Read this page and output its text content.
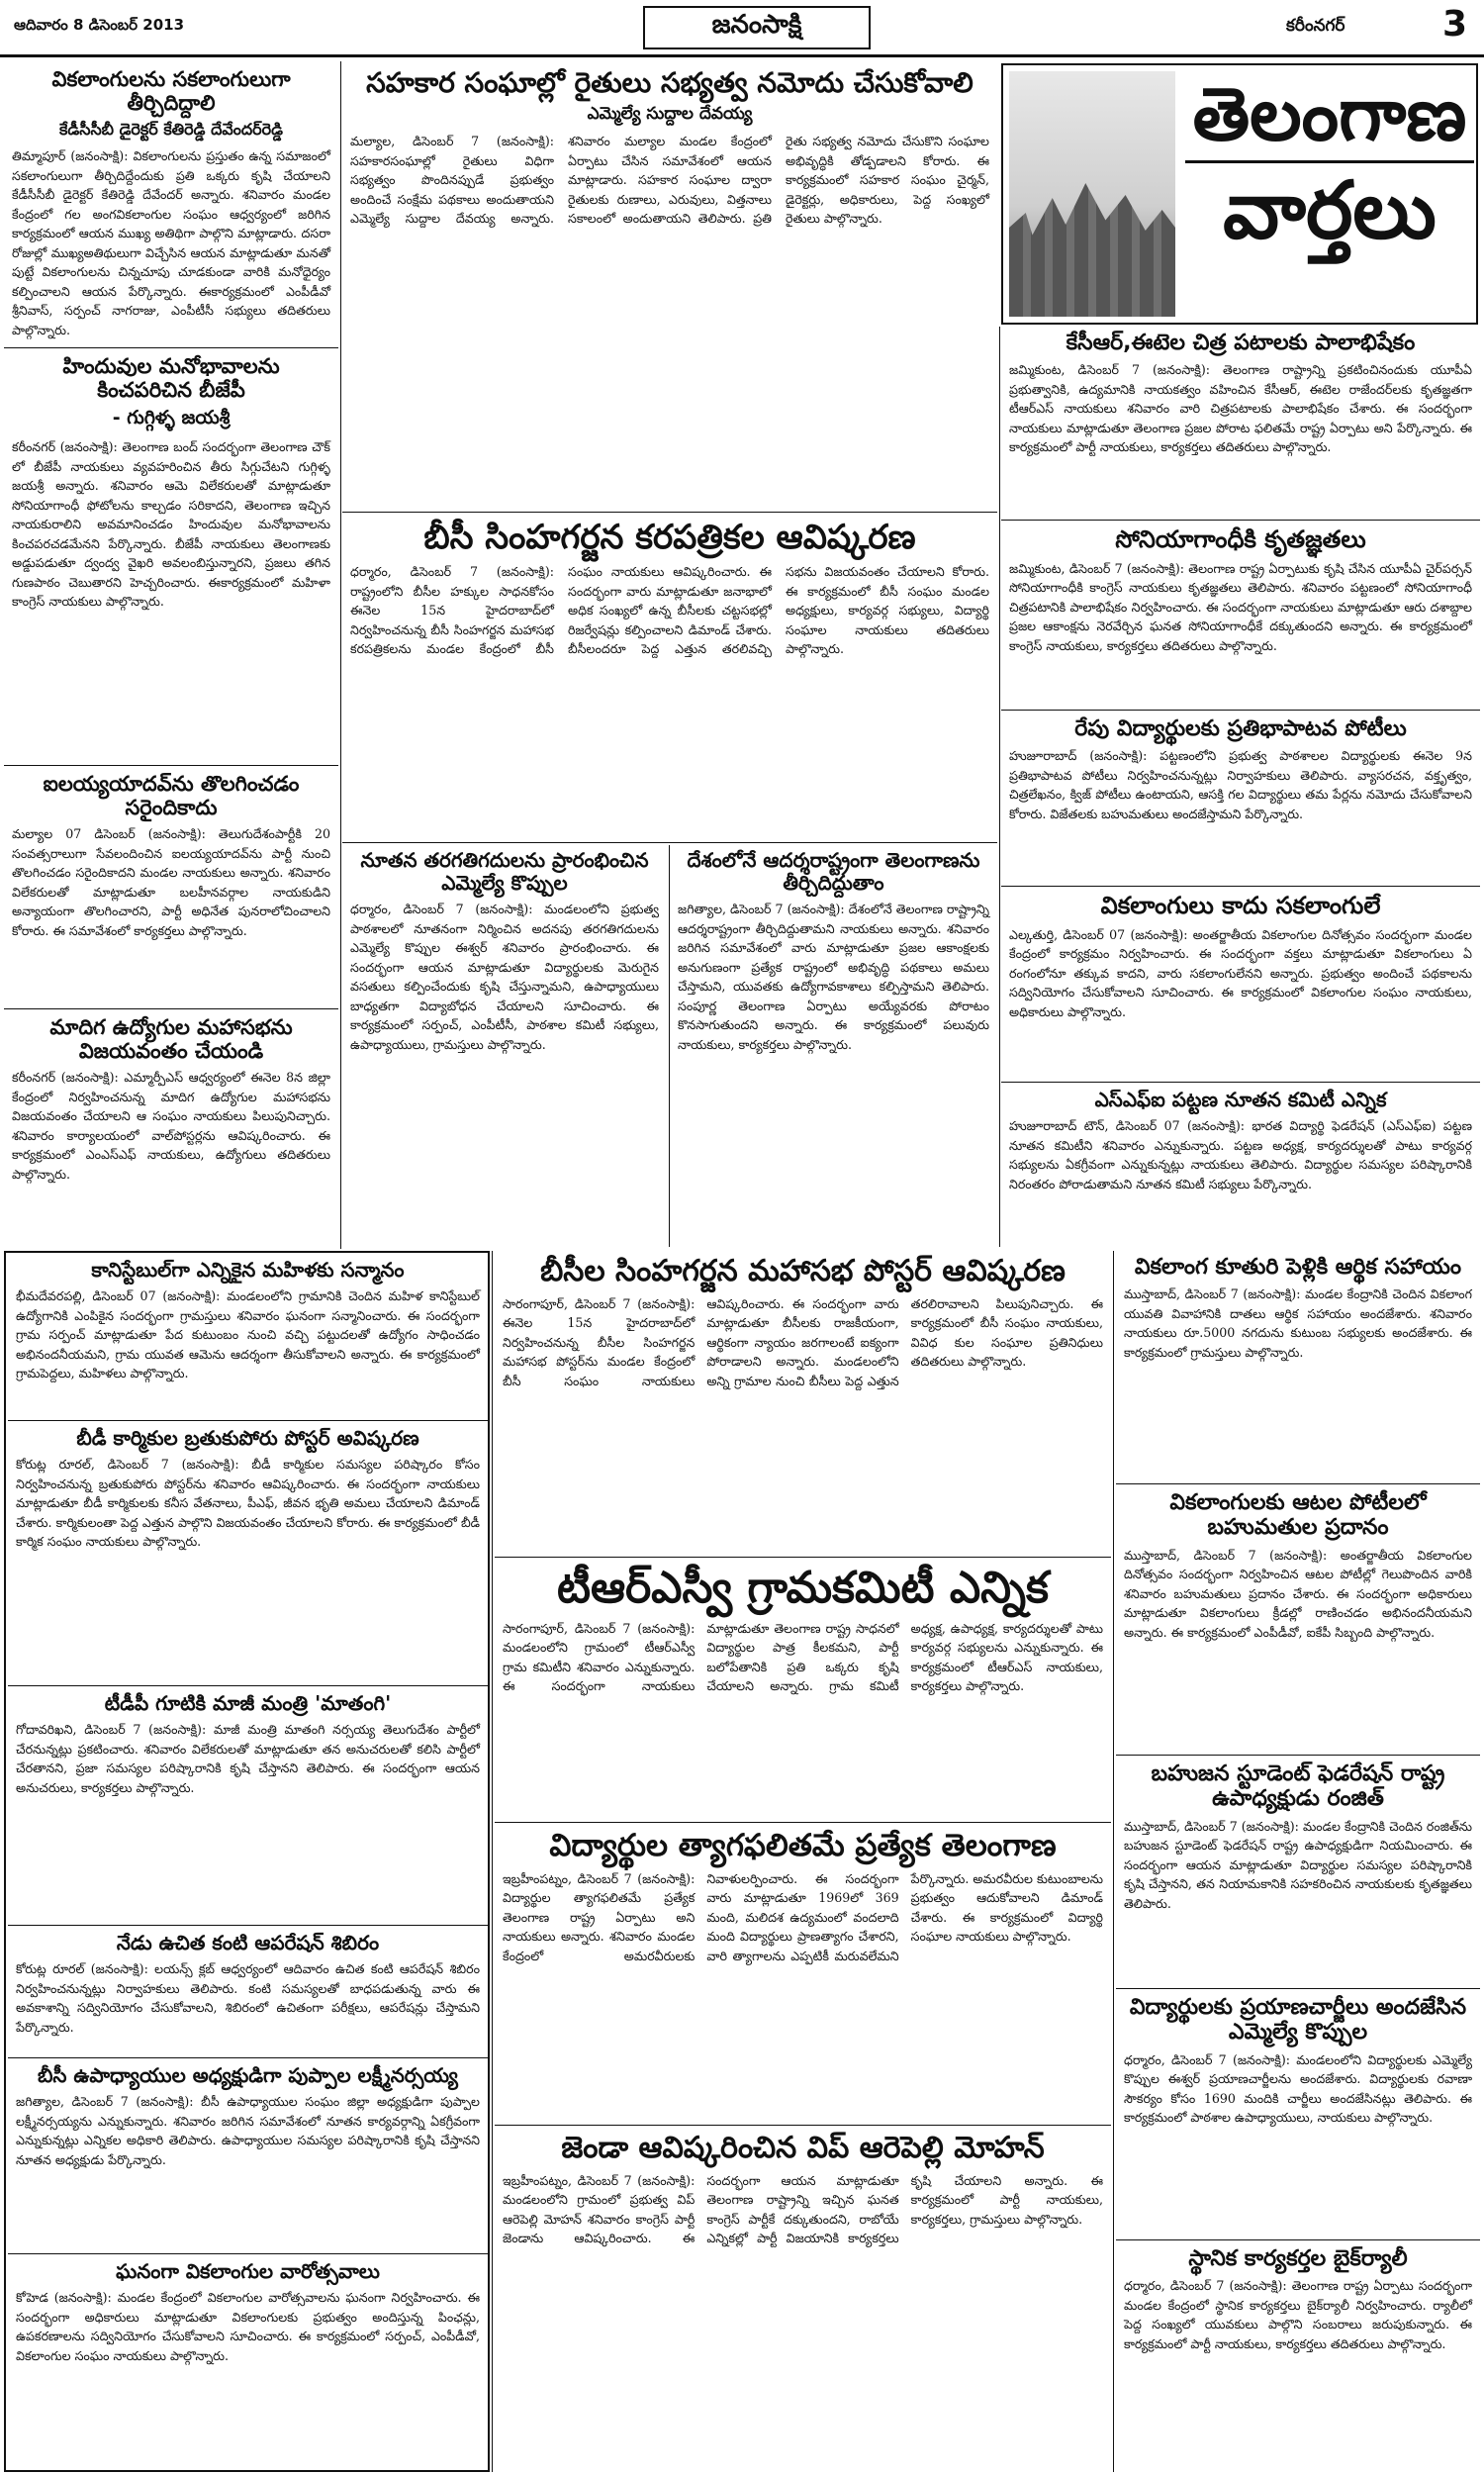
ఆదివారం 8 డిసెంబర్ 2013	జనంసాక్షి	కరీంనగర్	3
వికలాంగులను సకలాంగులుగా తీర్చిదిద్దాలి
కేడీసీసీబీ డైరెక్టర్ కేతిరెడ్డి దేవేందర్‌రెడ్డి

తిమ్మాపూర్ (జనంసాక్షి): వికలాంగులను ప్రస్తుతం ఉన్న సమాజంలో సకలాంగులుగా తీర్చిదిద్దేందుకు ప్రతి ఒక్కరు కృషి చేయాలని కేడీసీసీబీ డైరెక్టర్ కేతిరెడ్డి దేవేందర్ అన్నారు. శనివారం మండల కేంద్రంలో గల అంగవికలాంగుల సంఘం ఆధ్వర్యంలో జరిగిన కార్యక్రమంలో ఆయన ముఖ్య అతిథిగా పాల్గొని మాట్లాడారు. దసరా రోజుల్లో ముఖ్యఅతిథులుగా విచ్చేసిన ఆయన మాట్లాడుతూ మనతో పుట్టే వికలాంగులను చిన్నచూపు చూడకుండా వారికి మనోధైర్యం కల్పించాలని ఆయన పేర్కొన్నారు. ఈకార్యక్రమంలో ఎంపీడీవో శ్రీనివాస్, సర్పంచ్ నాగరాజు, ఎంపీటీసీ సభ్యులు తదితరులు పాల్గొన్నారు.

హిందువుల మనోభావాలను కించపరిచిన బీజేపీ
- గుగ్గిళ్ళ జయశ్రీ

కరీంనగర్ (జనంసాక్షి): తెలంగాణ బంద్ సందర్భంగా తెలంగాణ చౌక్ లో బీజేపీ నాయకులు వ్యవహరించిన తీరు సిగ్గుచేటని గుగ్గిళ్ళ జయశ్రీ అన్నారు. శనివారం ఆమె విలేకరులతో మాట్లాడుతూ సోనియాగాంధీ ఫోటోలను కాల్చడం సరికాదని, తెలంగాణ ఇచ్చిన నాయకురాలిని అవమానించడం హిందువుల మనోభావాలను కించపరచడమేనని పేర్కొన్నారు. బీజేపీ నాయకులు తెలంగాణకు అడ్డుపడుతూ ద్వంద్వ వైఖరి అవలంబిస్తున్నారని, ప్రజలు తగిన గుణపాఠం చెబుతారని హెచ్చరించారు. ఈకార్యక్రమంలో మహిళా కాంగ్రెస్ నాయకులు పాల్గొన్నారు.

ఐలయ్యయాదవ్‌ను తొలగించడం సరైందికాదు

మల్యాల 07 డిసెంబర్ (జనంసాక్షి): తెలుగుదేశంపార్టీకి 20 సంవత్సరాలుగా సేవలందించిన ఐలయ్యయాదవ్‌ను పార్టీ నుంచి తొలగించడం సరైందికాదని మండల నాయకులు అన్నారు. శనివారం విలేకరులతో మాట్లాడుతూ బలహీనవర్గాల నాయకుడిని అన్యాయంగా తొలగించారని, పార్టీ అధినేత పునరాలోచించాలని కోరారు. ఈ సమావేశంలో కార్యకర్తలు పాల్గొన్నారు.

మాదిగ ఉద్యోగుల మహాసభను విజయవంతం చేయండి

కరీంనగర్ (జనంసాక్షి): ఎమ్మార్పీఎస్ ఆధ్వర్యంలో ఈనెల 8న జిల్లా కేంద్రంలో నిర్వహించనున్న మాదిగ ఉద్యోగుల మహాసభను విజయవంతం చేయాలని ఆ సంఘం నాయకులు పిలుపునిచ్చారు. శనివారం కార్యాలయంలో వాల్‌పోస్టర్లను ఆవిష్కరించారు. ఈ కార్యక్రమంలో ఎంఎస్‌ఎఫ్ నాయకులు, ఉద్యోగులు తదితరులు పాల్గొన్నారు.

సహకార సంఘాల్లో రైతులు సభ్యత్వ నమోదు చేసుకోవాలి
ఎమ్మెల్యే సుద్దాల దేవయ్య

మల్యాల, డిసెంబర్ 7 (జనంసాక్షి): సహకారసంఘాల్లో రైతులు విధిగా సభ్యత్వం పొందినప్పుడే ప్రభుత్వం అందించే సంక్షేమ పథకాలు అందుతాయని ఎమ్మెల్యే సుద్దాల దేవయ్య అన్నారు. శనివారం మల్యాల మండల కేంద్రంలో ఏర్పాటు చేసిన సమావేశంలో ఆయన మాట్లాడారు. సహకార సంఘాల ద్వారా రైతులకు రుణాలు, ఎరువులు, విత్తనాలు సకాలంలో అందుతాయని తెలిపారు. ప్రతి రైతు సభ్యత్వ నమోదు చేసుకొని సంఘాల అభివృద్ధికి తోడ్పడాలని కోరారు. ఈ కార్యక్రమంలో సహకార సంఘం చైర్మన్, డైరెక్టర్లు, అధికారులు, పెద్ద సంఖ్యలో రైతులు పాల్గొన్నారు.

బీసీ సింహగర్జన కరపత్రికల ఆవిష్కరణ

ధర్మారం, డిసెంబర్ 7 (జనంసాక్షి): రాష్ట్రంలోని బీసీల హక్కుల సాధనకోసం ఈనెల 15న హైదరాబాద్‌లో నిర్వహించనున్న బీసీ సింహగర్జన మహాసభ కరపత్రికలను మండల కేంద్రంలో బీసీ సంఘం నాయకులు ఆవిష్కరించారు. ఈ సందర్భంగా వారు మాట్లాడుతూ జనాభాలో అధిక సంఖ్యలో ఉన్న బీసీలకు చట్టసభల్లో రిజర్వేషన్లు కల్పించాలని డిమాండ్ చేశారు. బీసీలందరూ పెద్ద ఎత్తున తరలివచ్చి సభను విజయవంతం చేయాలని కోరారు. ఈ కార్యక్రమంలో బీసీ సంఘం మండల అధ్యక్షులు, కార్యవర్గ సభ్యులు, విద్యార్థి సంఘాల నాయకులు తదితరులు పాల్గొన్నారు.

నూతన తరగతిగదులను ప్రారంభించిన ఎమ్మెల్యే కొప్పుల

ధర్మారం, డిసెంబర్ 7 (జనంసాక్షి): మండలంలోని ప్రభుత్వ పాఠశాలలో నూతనంగా నిర్మించిన అదనపు తరగతిగదులను ఎమ్మెల్యే కొప్పుల ఈశ్వర్ శనివారం ప్రారంభించారు. ఈ సందర్భంగా ఆయన మాట్లాడుతూ విద్యార్థులకు మెరుగైన వసతులు కల్పించేందుకు కృషి చేస్తున్నామని, ఉపాధ్యాయులు బాధ్యతగా విద్యాబోధన చేయాలని సూచించారు. ఈ కార్యక్రమంలో సర్పంచ్, ఎంపీటీసీ, పాఠశాల కమిటీ సభ్యులు, ఉపాధ్యాయులు, గ్రామస్తులు పాల్గొన్నారు.

దేశంలోనే ఆదర్శరాష్ట్రంగా తెలంగాణను తీర్చిదిద్దుతాం

జగిత్యాల, డిసెంబర్ 7 (జనంసాక్షి): దేశంలోనే తెలంగాణ రాష్ట్రాన్ని ఆదర్శరాష్ట్రంగా తీర్చిదిద్దుతామని నాయకులు అన్నారు. శనివారం జరిగిన సమావేశంలో వారు మాట్లాడుతూ ప్రజల ఆకాంక్షలకు అనుగుణంగా ప్రత్యేక రాష్ట్రంలో అభివృద్ధి పథకాలు అమలు చేస్తామని, యువతకు ఉద్యోగావకాశాలు కల్పిస్తామని తెలిపారు. సంపూర్ణ తెలంగాణ ఏర్పాటు అయ్యేవరకు పోరాటం కొనసాగుతుందని అన్నారు. ఈ కార్యక్రమంలో పలువురు నాయకులు, కార్యకర్తలు పాల్గొన్నారు.

తెలంగాణ
వార్తలు
కేసీఆర్,ఈటెల చిత్ర పటాలకు పాలాభిషేకం

జమ్మికుంట, డిసెంబర్ 7 (జనంసాక్షి): తెలంగాణ రాష్ట్రాన్ని ప్రకటించినందుకు యూపీఏ ప్రభుత్వానికి, ఉద్యమానికి నాయకత్వం వహించిన కేసీఆర్, ఈటెల రాజేందర్‌లకు కృతజ్ఞతగా టీఆర్‌ఎస్ నాయకులు శనివారం వారి చిత్రపటాలకు పాలాభిషేకం చేశారు. ఈ సందర్భంగా నాయకులు మాట్లాడుతూ తెలంగాణ ప్రజల పోరాట ఫలితమే రాష్ట్ర ఏర్పాటు అని పేర్కొన్నారు. ఈ కార్యక్రమంలో పార్టీ నాయకులు, కార్యకర్తలు తదితరులు పాల్గొన్నారు.

సోనియాగాంధీకి కృతజ్ఞతలు

జమ్మికుంట, డిసెంబర్ 7 (జనంసాక్షి): తెలంగాణ రాష్ట్ర ఏర్పాటుకు కృషి చేసిన యూపీఏ చైర్‌పర్సన్ సోనియాగాంధీకి కాంగ్రెస్ నాయకులు కృతజ్ఞతలు తెలిపారు. శనివారం పట్టణంలో సోనియాగాంధీ చిత్రపటానికి పాలాభిషేకం నిర్వహించారు. ఈ సందర్భంగా నాయకులు మాట్లాడుతూ ఆరు దశాబ్దాల ప్రజల ఆకాంక్షను నెరవేర్చిన ఘనత సోనియాగాంధీకే దక్కుతుందని అన్నారు. ఈ కార్యక్రమంలో కాంగ్రెస్ నాయకులు, కార్యకర్తలు తదితరులు పాల్గొన్నారు.

రేపు విద్యార్థులకు ప్రతిభాపాటవ పోటీలు

హుజూరాబాద్ (జనంసాక్షి): పట్టణంలోని ప్రభుత్వ పాఠశాలల విద్యార్థులకు ఈనెల 9న ప్రతిభాపాటవ పోటీలు నిర్వహించనున్నట్లు నిర్వాహకులు తెలిపారు. వ్యాసరచన, వక్తృత్వం, చిత్రలేఖనం, క్విజ్ పోటీలు ఉంటాయని, ఆసక్తి గల విద్యార్థులు తమ పేర్లను నమోదు చేసుకోవాలని కోరారు. విజేతలకు బహుమతులు అందజేస్తామని పేర్కొన్నారు.

వికలాంగులు కాదు సకలాంగులే

ఎల్కతుర్తి, డిసెంబర్ 07 (జనంసాక్షి): అంతర్జాతీయ వికలాంగుల దినోత్సవం సందర్భంగా మండల కేంద్రంలో కార్యక్రమం నిర్వహించారు. ఈ సందర్భంగా వక్తలు మాట్లాడుతూ వికలాంగులు ఏ రంగంలోనూ తక్కువ కాదని, వారు సకలాంగులేనని అన్నారు. ప్రభుత్వం అందించే పథకాలను సద్వినియోగం చేసుకోవాలని సూచించారు. ఈ కార్యక్రమంలో వికలాంగుల సంఘం నాయకులు, అధికారులు పాల్గొన్నారు.

ఎస్ఎఫ్ఐ పట్టణ నూతన కమిటీ ఎన్నిక

హుజూరాబాద్ టౌన్, డిసెంబర్ 07 (జనంసాక్షి): భారత విద్యార్థి ఫెడరేషన్ (ఎస్ఎఫ్ఐ) పట్టణ నూతన కమిటీని శనివారం ఎన్నుకున్నారు. పట్టణ అధ్యక్ష, కార్యదర్శులతో పాటు కార్యవర్గ సభ్యులను ఏకగ్రీవంగా ఎన్నుకున్నట్లు నాయకులు తెలిపారు. విద్యార్థుల సమస్యల పరిష్కారానికి నిరంతరం పోరాడుతామని నూతన కమిటీ సభ్యులు పేర్కొన్నారు.

కానిస్టేబుల్‌గా ఎన్నికైన మహిళకు సన్మానం

భీమదేవరపల్లి, డిసెంబర్ 07 (జనంసాక్షి): మండలంలోని గ్రామానికి చెందిన మహిళ కానిస్టేబుల్ ఉద్యోగానికి ఎంపికైన సందర్భంగా గ్రామస్తులు శనివారం ఘనంగా సన్మానించారు. ఈ సందర్భంగా గ్రామ సర్పంచ్ మాట్లాడుతూ పేద కుటుంబం నుంచి వచ్చి పట్టుదలతో ఉద్యోగం సాధించడం అభినందనీయమని, గ్రామ యువత ఆమెను ఆదర్శంగా తీసుకోవాలని అన్నారు. ఈ కార్యక్రమంలో గ్రామపెద్దలు, మహిళలు పాల్గొన్నారు.

బీడీ కార్మికుల బ్రతుకుపోరు పోస్టర్ అవిష్కరణ

కోరుట్ల రూరల్, డిసెంబర్ 7 (జనంసాక్షి): బీడీ కార్మికుల సమస్యల పరిష్కారం కోసం నిర్వహించనున్న బ్రతుకుపోరు పోస్టర్‌ను శనివారం ఆవిష్కరించారు. ఈ సందర్భంగా నాయకులు మాట్లాడుతూ బీడీ కార్మికులకు కనీస వేతనాలు, పీఎఫ్, జీవన భృతి అమలు చేయాలని డిమాండ్ చేశారు. కార్మికులంతా పెద్ద ఎత్తున పాల్గొని విజయవంతం చేయాలని కోరారు. ఈ కార్యక్రమంలో బీడీ కార్మిక సంఘం నాయకులు పాల్గొన్నారు.

టీడీపీ గూటికి మాజీ మంత్రి 'మాతంగి'

గోదావరిఖని, డిసెంబర్ 7 (జనంసాక్షి): మాజీ మంత్రి మాతంగి నర్సయ్య తెలుగుదేశం పార్టీలో చేరనున్నట్లు ప్రకటించారు. శనివారం విలేకరులతో మాట్లాడుతూ తన అనుచరులతో కలిసి పార్టీలో చేరతానని, ప్రజా సమస్యల పరిష్కారానికి కృషి చేస్తానని తెలిపారు. ఈ సందర్భంగా ఆయన అనుచరులు, కార్యకర్తలు పాల్గొన్నారు.

నేడు ఉచిత కంటి ఆపరేషన్ శిబిరం

కోరుట్ల రూరల్ (జనంసాక్షి): లయన్స్ క్లబ్ ఆధ్వర్యంలో ఆదివారం ఉచిత కంటి ఆపరేషన్ శిబిరం నిర్వహించనున్నట్లు నిర్వాహకులు తెలిపారు. కంటి సమస్యలతో బాధపడుతున్న వారు ఈ అవకాశాన్ని సద్వినియోగం చేసుకోవాలని, శిబిరంలో ఉచితంగా పరీక్షలు, ఆపరేషన్లు చేస్తామని పేర్కొన్నారు.

బీసీ ఉపాధ్యాయుల అధ్యక్షుడిగా పుప్పాల లక్ష్మీనర్సయ్య

జగిత్యాల, డిసెంబర్ 7 (జనంసాక్షి): బీసీ ఉపాధ్యాయుల సంఘం జిల్లా అధ్యక్షుడిగా పుప్పాల లక్ష్మీనర్సయ్యను ఎన్నుకున్నారు. శనివారం జరిగిన సమావేశంలో నూతన కార్యవర్గాన్ని ఏకగ్రీవంగా ఎన్నుకున్నట్లు ఎన్నికల అధికారి తెలిపారు. ఉపాధ్యాయుల సమస్యల పరిష్కారానికి కృషి చేస్తానని నూతన అధ్యక్షుడు పేర్కొన్నారు.

ఘనంగా వికలాంగుల వారోత్సవాలు

కోహెడ (జనంసాక్షి): మండల కేంద్రంలో వికలాంగుల వారోత్సవాలను ఘనంగా నిర్వహించారు. ఈ సందర్భంగా అధికారులు మాట్లాడుతూ వికలాంగులకు ప్రభుత్వం అందిస్తున్న పింఛన్లు, ఉపకరణాలను సద్వినియోగం చేసుకోవాలని సూచించారు. ఈ కార్యక్రమంలో సర్పంచ్, ఎంపీడీవో, వికలాంగుల సంఘం నాయకులు పాల్గొన్నారు.

బీసీల సింహగర్జన మహాసభ పోస్టర్ ఆవిష్కరణ

సారంగాపూర్, డిసెంబర్ 7 (జనంసాక్షి): ఈనెల 15న హైదరాబాద్‌లో నిర్వహించనున్న బీసీల సింహగర్జన మహాసభ పోస్టర్‌ను మండల కేంద్రంలో బీసీ సంఘం నాయకులు ఆవిష్కరించారు. ఈ సందర్భంగా వారు మాట్లాడుతూ బీసీలకు రాజకీయంగా, ఆర్థికంగా న్యాయం జరగాలంటే ఐక్యంగా పోరాడాలని అన్నారు. మండలంలోని అన్ని గ్రామాల నుంచి బీసీలు పెద్ద ఎత్తున తరలిరావాలని పిలుపునిచ్చారు. ఈ కార్యక్రమంలో బీసీ సంఘం నాయకులు, వివిధ కుల సంఘాల ప్రతినిధులు తదితరులు పాల్గొన్నారు.

టీఆర్ఎస్వీ గ్రామకమిటీ ఎన్నిక

సారంగాపూర్, డిసెంబర్ 7 (జనంసాక్షి): మండలంలోని గ్రామంలో టీఆర్ఎస్వీ గ్రామ కమిటీని శనివారం ఎన్నుకున్నారు. ఈ సందర్భంగా నాయకులు మాట్లాడుతూ తెలంగాణ రాష్ట్ర సాధనలో విద్యార్థుల పాత్ర కీలకమని, పార్టీ బలోపేతానికి ప్రతి ఒక్కరు కృషి చేయాలని అన్నారు. గ్రామ కమిటీ అధ్యక్ష, ఉపాధ్యక్ష, కార్యదర్శులతో పాటు కార్యవర్గ సభ్యులను ఎన్నుకున్నారు. ఈ కార్యక్రమంలో టీఆర్ఎస్ నాయకులు, కార్యకర్తలు పాల్గొన్నారు.

విద్యార్థుల త్యాగఫలితమే ప్రత్యేక తెలంగాణ

ఇబ్రహీంపట్నం, డిసెంబర్ 7 (జనంసాక్షి): విద్యార్థుల త్యాగఫలితమే ప్రత్యేక తెలంగాణ రాష్ట్ర ఏర్పాటు అని నాయకులు అన్నారు. శనివారం మండల కేంద్రంలో అమరవీరులకు నివాళులర్పించారు. ఈ సందర్భంగా వారు మాట్లాడుతూ 1969లో 369 మంది, మలిదశ ఉద్యమంలో వందలాది మంది విద్యార్థులు ప్రాణత్యాగం చేశారని, వారి త్యాగాలను ఎప్పటికీ మరువలేమని పేర్కొన్నారు. అమరవీరుల కుటుంబాలను ప్రభుత్వం ఆదుకోవాలని డిమాండ్ చేశారు. ఈ కార్యక్రమంలో విద్యార్థి సంఘాల నాయకులు పాల్గొన్నారు.

జెండా ఆవిష్కరించిన విప్ ఆరెపెల్లి మోహన్

ఇబ్రహీంపట్నం, డిసెంబర్ 7 (జనంసాక్షి): మండలంలోని గ్రామంలో ప్రభుత్వ విప్ ఆరెపెల్లి మోహన్ శనివారం కాంగ్రెస్ పార్టీ జెండాను ఆవిష్కరించారు. ఈ సందర్భంగా ఆయన మాట్లాడుతూ తెలంగాణ రాష్ట్రాన్ని ఇచ్చిన ఘనత కాంగ్రెస్ పార్టీకే దక్కుతుందని, రాబోయే ఎన్నికల్లో పార్టీ విజయానికి కార్యకర్తలు కృషి చేయాలని అన్నారు. ఈ కార్యక్రమంలో పార్టీ నాయకులు, కార్యకర్తలు, గ్రామస్తులు పాల్గొన్నారు.

వికలాంగ కూతురి పెళ్లికి ఆర్థిక సహాయం

ముస్తాబాద్, డిసెంబర్ 7 (జనంసాక్షి): మండల కేంద్రానికి చెందిన వికలాంగ యువతి వివాహానికి దాతలు ఆర్థిక సహాయం అందజేశారు. శనివారం నాయకులు రూ.5000 నగదును కుటుంబ సభ్యులకు అందజేశారు. ఈ కార్యక్రమంలో గ్రామస్తులు పాల్గొన్నారు.

వికలాంగులకు ఆటల పోటీలలో బహుమతుల ప్రదానం

ముస్తాబాద్, డిసెంబర్ 7 (జనంసాక్షి): అంతర్జాతీయ వికలాంగుల దినోత్సవం సందర్భంగా నిర్వహించిన ఆటల పోటీల్లో గెలుపొందిన వారికి శనివారం బహుమతులు ప్రదానం చేశారు. ఈ సందర్భంగా అధికారులు మాట్లాడుతూ వికలాంగులు క్రీడల్లో రాణించడం అభినందనీయమని అన్నారు. ఈ కార్యక్రమంలో ఎంపీడీవో, ఐకేపీ సిబ్బంది పాల్గొన్నారు.

బహుజన స్టూడెంట్ ఫెడరేషన్ రాష్ట్ర ఉపాధ్యక్షుడు రంజిత్

ముస్తాబాద్, డిసెంబర్ 7 (జనంసాక్షి): మండల కేంద్రానికి చెందిన రంజిత్‌ను బహుజన స్టూడెంట్ ఫెడరేషన్ రాష్ట్ర ఉపాధ్యక్షుడిగా నియమించారు. ఈ సందర్భంగా ఆయన మాట్లాడుతూ విద్యార్థుల సమస్యల పరిష్కారానికి కృషి చేస్తానని, తన నియామకానికి సహకరించిన నాయకులకు కృతజ్ఞతలు తెలిపారు.

విద్యార్థులకు ప్రయాణచార్జీలు అందజేసిన ఎమ్మెల్యే కొప్పుల

ధర్మారం, డిసెంబర్ 7 (జనంసాక్షి): మండలంలోని విద్యార్థులకు ఎమ్మెల్యే కొప్పుల ఈశ్వర్ ప్రయాణచార్జీలను అందజేశారు. విద్యార్థులకు రవాణా సౌకర్యం కోసం 1690 మందికి చార్జీలు అందజేసినట్లు తెలిపారు. ఈ కార్యక్రమంలో పాఠశాల ఉపాధ్యాయులు, నాయకులు పాల్గొన్నారు.

స్థానిక కార్యకర్తల బైక్‌ర్యాలీ

ధర్మారం, డిసెంబర్ 7 (జనంసాక్షి): తెలంగాణ రాష్ట్ర ఏర్పాటు సందర్భంగా మండల కేంద్రంలో స్థానిక కార్యకర్తలు బైక్‌ర్యాలీ నిర్వహించారు. ర్యాలీలో పెద్ద సంఖ్యలో యువకులు పాల్గొని సంబరాలు జరుపుకున్నారు. ఈ కార్యక్రమంలో పార్టీ నాయకులు, కార్యకర్తలు తదితరులు పాల్గొన్నారు.
